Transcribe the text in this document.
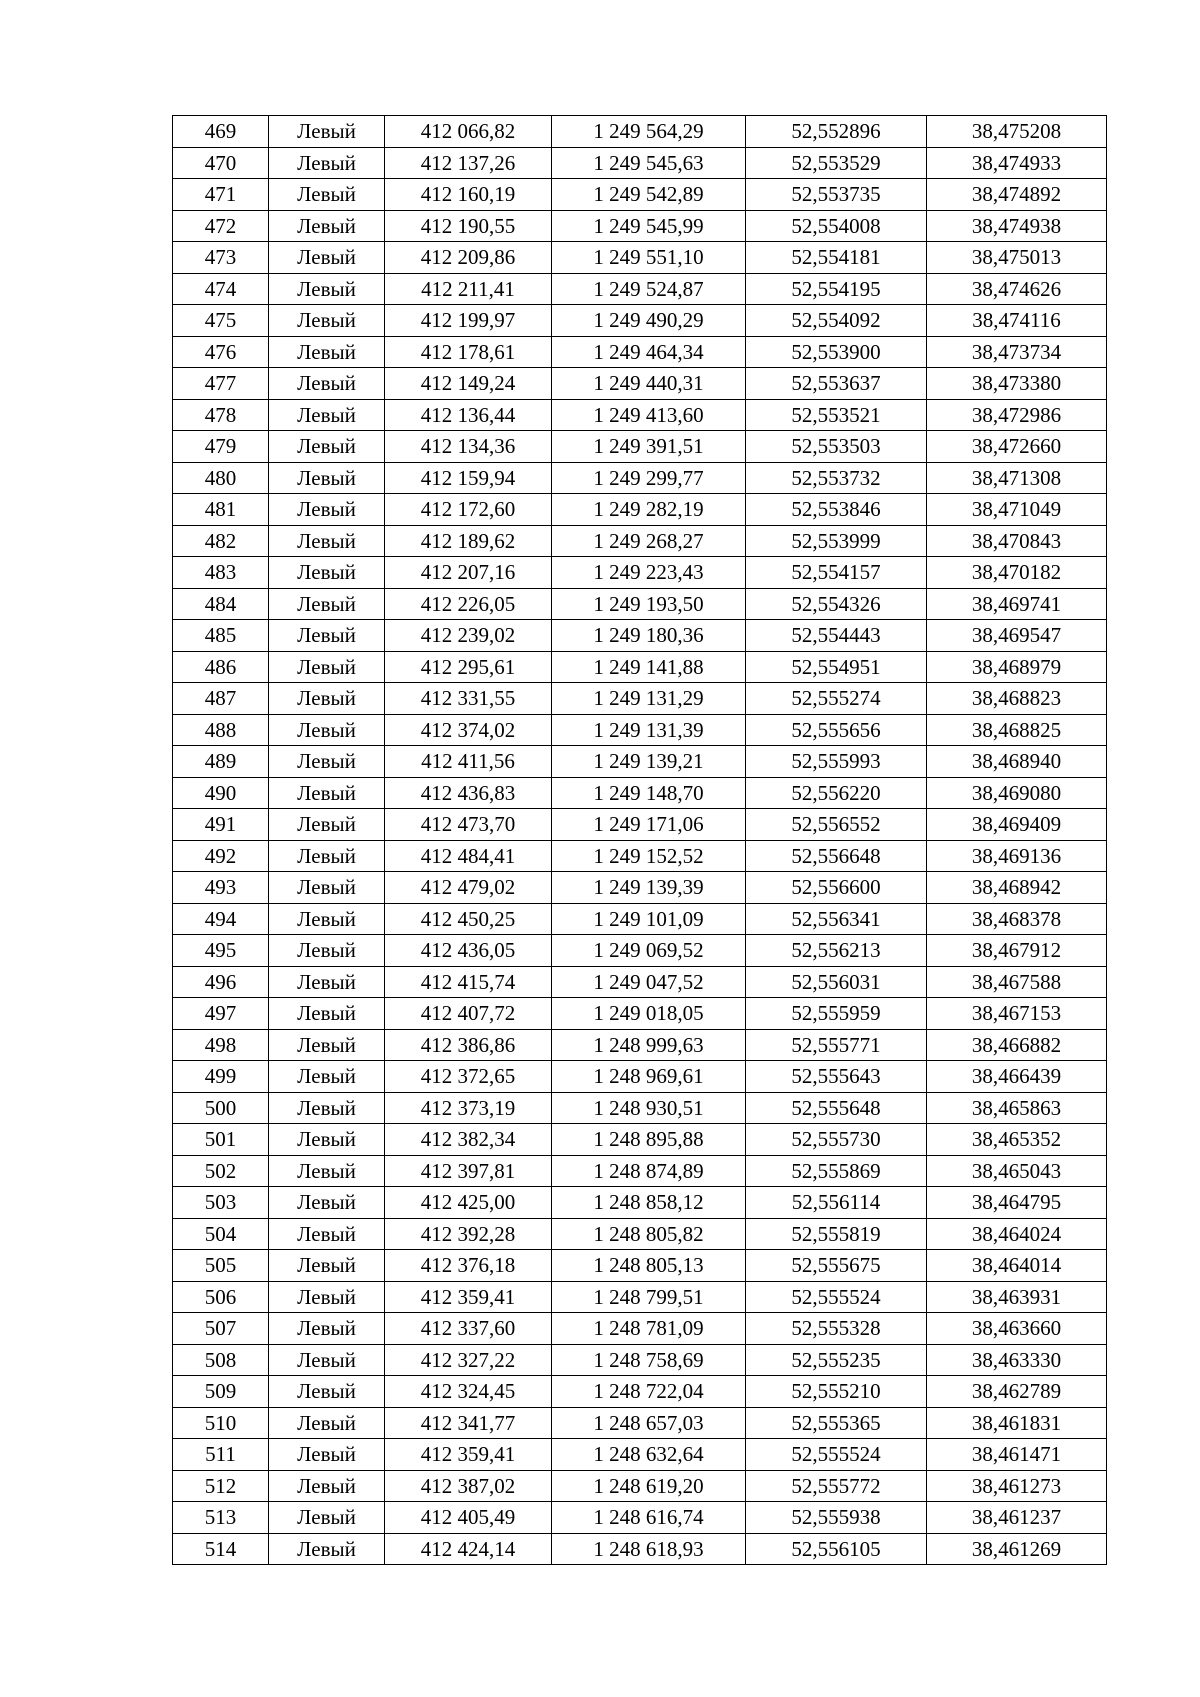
469	Левый	412 066,82	1 249 564,29	52,552896	38,475208
470	Левый	412 137,26	1 249 545,63	52,553529	38,474933
471	Левый	412 160,19	1 249 542,89	52,553735	38,474892
472	Левый	412 190,55	1 249 545,99	52,554008	38,474938
473	Левый	412 209,86	1 249 551,10	52,554181	38,475013
474	Левый	412 211,41	1 249 524,87	52,554195	38,474626
475	Левый	412 199,97	1 249 490,29	52,554092	38,474116
476	Левый	412 178,61	1 249 464,34	52,553900	38,473734
477	Левый	412 149,24	1 249 440,31	52,553637	38,473380
478	Левый	412 136,44	1 249 413,60	52,553521	38,472986
479	Левый	412 134,36	1 249 391,51	52,553503	38,472660
480	Левый	412 159,94	1 249 299,77	52,553732	38,471308
481	Левый	412 172,60	1 249 282,19	52,553846	38,471049
482	Левый	412 189,62	1 249 268,27	52,553999	38,470843
483	Левый	412 207,16	1 249 223,43	52,554157	38,470182
484	Левый	412 226,05	1 249 193,50	52,554326	38,469741
485	Левый	412 239,02	1 249 180,36	52,554443	38,469547
486	Левый	412 295,61	1 249 141,88	52,554951	38,468979
487	Левый	412 331,55	1 249 131,29	52,555274	38,468823
488	Левый	412 374,02	1 249 131,39	52,555656	38,468825
489	Левый	412 411,56	1 249 139,21	52,555993	38,468940
490	Левый	412 436,83	1 249 148,70	52,556220	38,469080
491	Левый	412 473,70	1 249 171,06	52,556552	38,469409
492	Левый	412 484,41	1 249 152,52	52,556648	38,469136
493	Левый	412 479,02	1 249 139,39	52,556600	38,468942
494	Левый	412 450,25	1 249 101,09	52,556341	38,468378
495	Левый	412 436,05	1 249 069,52	52,556213	38,467912
496	Левый	412 415,74	1 249 047,52	52,556031	38,467588
497	Левый	412 407,72	1 249 018,05	52,555959	38,467153
498	Левый	412 386,86	1 248 999,63	52,555771	38,466882
499	Левый	412 372,65	1 248 969,61	52,555643	38,466439
500	Левый	412 373,19	1 248 930,51	52,555648	38,465863
501	Левый	412 382,34	1 248 895,88	52,555730	38,465352
502	Левый	412 397,81	1 248 874,89	52,555869	38,465043
503	Левый	412 425,00	1 248 858,12	52,556114	38,464795
504	Левый	412 392,28	1 248 805,82	52,555819	38,464024
505	Левый	412 376,18	1 248 805,13	52,555675	38,464014
506	Левый	412 359,41	1 248 799,51	52,555524	38,463931
507	Левый	412 337,60	1 248 781,09	52,555328	38,463660
508	Левый	412 327,22	1 248 758,69	52,555235	38,463330
509	Левый	412 324,45	1 248 722,04	52,555210	38,462789
510	Левый	412 341,77	1 248 657,03	52,555365	38,461831
511	Левый	412 359,41	1 248 632,64	52,555524	38,461471
512	Левый	412 387,02	1 248 619,20	52,555772	38,461273
513	Левый	412 405,49	1 248 616,74	52,555938	38,461237
514	Левый	412 424,14	1 248 618,93	52,556105	38,461269
